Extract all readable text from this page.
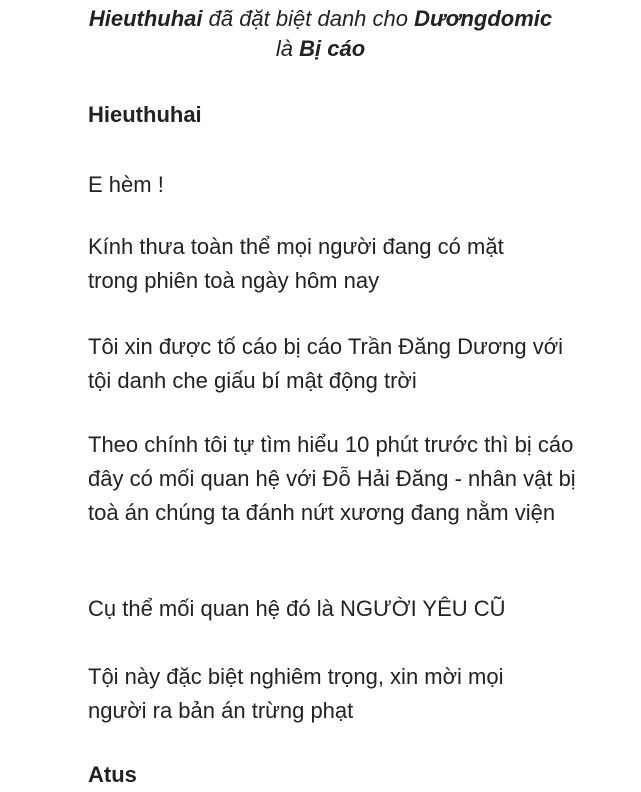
Hieuthuhai đã đặt biệt danh cho Dươngdomic
là Bị cáo
Hieuthuhai

E hèm !

Kính thưa toàn thể mọi người đang có mặt trong phiên toà ngày hôm nay

Tôi xin được tố cáo bị cáo Trần Đăng Dương với tội danh che giấu bí mật động trời

Theo chính tôi tự tìm hiểu 10 phút trước thì bị cáo đây có mối quan hệ với Đỗ Hải Đăng - nhân vật bị toà án chúng ta đánh nứt xương đang nằm viện

Cụ thể mối quan hệ đó là NGƯỜI YÊU CŨ

Tội này đặc biệt nghiêm trọng, xin mời mọi người ra bản án trừng phạt

Atus
